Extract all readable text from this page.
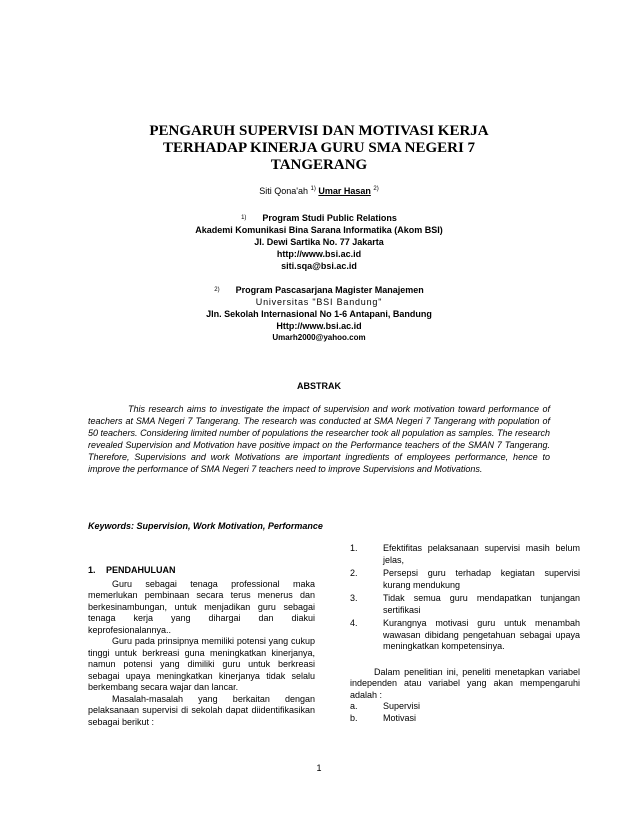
PENGARUH SUPERVISI DAN MOTIVASI KERJA
TERHADAP KINERJA GURU SMA NEGERI 7
TANGERANG
Siti Qona'ah $^{1)}$ Umar Hasan $^{2)}$
$^{1)}$ Program Studi Public Relations
Akademi Komunikasi Bina Sarana Informatika (Akom BSI)
Jl. Dewi Sartika No. 77 Jakarta
http://www.bsi.ac.id
siti.sqa@bsi.ac.id
$^{2)}$ Program Pascasarjana Magister Manajemen
Universitas "BSI Bandung"
Jln. Sekolah Internasional No 1-6 Antapani, Bandung
Http://www.bsi.ac.id
Umarh2000@yahoo.com
ABSTRAK
This research aims to investigate the impact of supervision and work motivation toward performance of teachers at SMA Negeri 7 Tangerang. The research was conducted at SMA Negeri 7 Tangerang with population of 50 teachers. Considering limited number of populations the researcher took all population as samples. The research revealed Supervision and Motivation have positive impact on the Performance teachers of the SMAN 7 Tangerang. Therefore, Supervisions and work Motivations are important ingredients of employees performance, hence to improve the performance of SMA Negeri 7 teachers need to improve Supervisions and Motivations.
Keywords: Supervision, Work Motivation, Performance
1. PENDAHULUAN

Guru sebagai tenaga professional maka memerlukan pembinaan secara terus menerus dan berkesinambungan, untuk menjadikan guru sebagai tenaga kerja yang dihargai dan diakui keprofesionalannya..

Guru pada prinsipnya memiliki potensi yang cukup tinggi untuk berkreasi guna meningkatkan kinerjanya, namun potensi yang dimiliki guru untuk berkreasi sebagai upaya meningkatkan kinerjanya tidak selalu berkembang secara wajar dan lancar.

Masalah-masalah yang berkaitan dengan pelaksanaan supervisi di sekolah dapat diidentifikasikan sebagai berikut :

1.	Efektifitas pelaksanaan supervisi masih belum jelas,
2.	Persepsi guru terhadap kegiatan supervisi kurang mendukung
3.	Tidak semua guru mendapatkan tunjangan sertifikasi
4.	Kurangnya motivasi guru untuk menambah wawasan dibidang pengetahuan sebagai upaya meningkatkan kompetensinya.

Dalam penelitian ini, peneliti menetapkan variabel independen atau variabel yang akan mempengaruhi adalah :

a.	Supervisi
b.	Motivasi
1
